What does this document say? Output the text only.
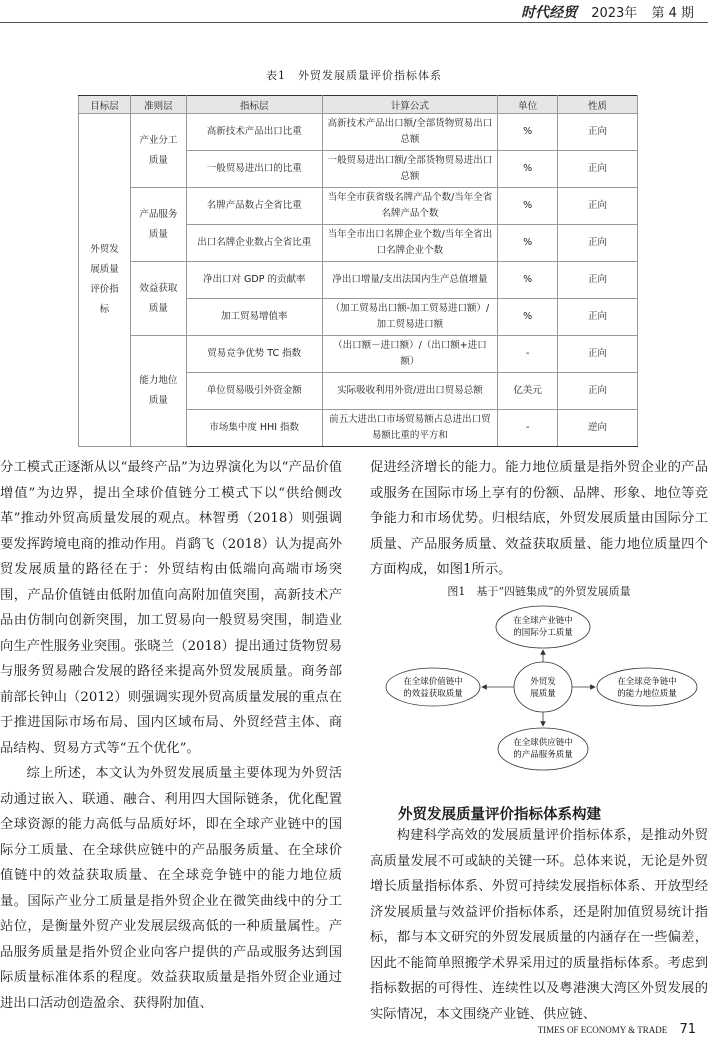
时代经贸 2023年 第 4 期
表1　外贸发展质量评价指标体系
目标层	准则层	指标层	计算公式	单位	性质
外贸发展质量评价指标	产业分工质量	高新技术产品出口比重	高新技术产品出口额/全部货物贸易出口总额	%	正向
		一般贸易进出口的比重	一般贸易进出口额/全部货物贸易进出口总额	%	正向
	产品服务质量	名牌产品数占全省比重	当年全市获省级名牌产品个数/当年全省名牌产品个数	%	正向
		出口名牌企业数占全省比重	当年全市出口名牌企业个数/当年全省出口名牌企业个数	%	正向
	效益获取质量	净出口对 GDP 的贡献率	净出口增量/支出法国内生产总值增量	%	正向
		加工贸易增值率	（加工贸易出口额-加工贸易进口额）/加工贸易进口额	%	正向
	能力地位质量	贸易竞争优势 TC 指数	（出口额－进口额）/（出口额+进口额）	-	正向
		单位贸易吸引外资金额	实际吸收利用外资/进出口贸易总额	亿美元	正向
		市场集中度 HHI 指数	前五大进出口市场贸易额占总进出口贸易额比重的平方和	-	逆向

分工模式正逐渐从以“最终产品”为边界演化为以“产品价值增值”为边界，提出全球价值链分工模式下以“供给侧改革”推动外贸高质量发展的观点。林智勇（2018）则强调要发挥跨境电商的推动作用。肖鹞飞（2018）认为提高外贸发展质量的路径在于：外贸结构由低端向高端市场突围，产品价值链由低附加值向高附加值突围，高新技术产品由仿制向创新突围，加工贸易向一般贸易突围，制造业向生产性服务业突围。张晓兰（2018）提出通过货物贸易与服务贸易融合发展的路径来提高外贸发展质量。商务部前部长钟山（2012）则强调实现外贸高质量发展的重点在于推进国际市场布局、国内区域布局、外贸经营主体、商品结构、贸易方式等“五个优化”。

综上所述，本文认为外贸发展质量主要体现为外贸活动通过嵌入、联通、融合、利用四大国际链条，优化配置全球资源的能力高低与品质好坏，即在全球产业链中的国际分工质量、在全球供应链中的产品服务质量、在全球价值链中的效益获取质量、在全球竞争链中的能力地位质量。国际产业分工质量是指外贸企业在微笑曲线中的分工站位，是衡量外贸产业发展层级高低的一种质量属性。产品服务质量是指外贸企业向客户提供的产品或服务达到国际质量标准体系的程度。效益获取质量是指外贸企业通过进出口活动创造盈余、获得附加值、

促进经济增长的能力。能力地位质量是指外贸企业的产品或服务在国际市场上享有的份额、品牌、形象、地位等竞争能力和市场优势。归根结底，外贸发展质量由国际分工质量、产品服务质量、效益获取质量、能力地位质量四个方面构成，如图1所示。

图1　基于“四链集成”的外贸发展质量
在全球产业链中
的国际分工质量
在全球价值链中
的效益获取质量
外贸发
展质量
在全球竞争链中
的能力地位质量
在全球供应链中
的产品服务质量
外贸发展质量评价指标体系构建

构建科学高效的发展质量评价指标体系，是推动外贸高质量发展不可或缺的关键一环。总体来说，无论是外贸增长质量指标体系、外贸可持续发展指标体系、开放型经济发展质量与效益评价指标体系，还是附加值贸易统计指标，都与本文研究的外贸发展质量的内涵存在一些偏差，因此不能简单照搬学术界采用过的质量指标体系。考虑到指标数据的可得性、连续性以及粤港澳大湾区外贸发展的实际情况，本文围绕产业链、供应链、

TIMES OF ECONOMY & TRADE 71
